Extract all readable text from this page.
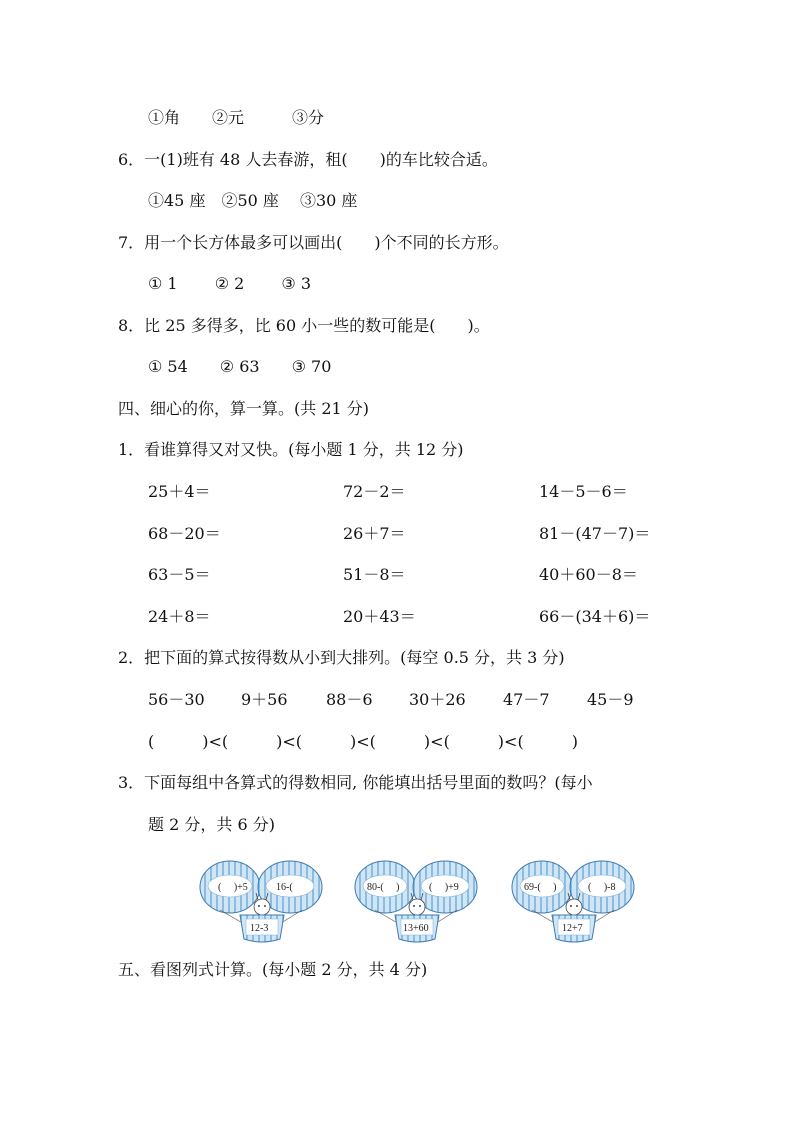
①角　　②元　　　③分
6．一(1)班有 48 人去春游，租(　　)的车比较合适。
①45 座　②50 座　 ③30 座
7．用一个长方体最多可以画出(　　)个不同的长方形。
① 1　　 ② 2　　 ③ 3
8．比 25 多得多，比 60 小一些的数可能是(　　)。
① 54　　② 63　　③ 70
四、细心的你，算一算。(共 21 分)
1．看谁算得又对又快。(每小题 1 分，共 12 分)
25＋4＝	72－2＝	14－5－6＝
68－20＝	26＋7＝	81－(47－7)＝
63－5＝	51－8＝	40＋60－8＝
24＋8＝	20＋43＝	66－(34＋6)＝
2．把下面的算式按得数从小到大排列。(每空 0.5 分，共 3 分)
56－30 9＋56 88－6 30＋26 47－7 45－9
(　　　)<(　　　)<(　　　)<(　　　)<(　　　)<(　　　)
3．下面每组中各算式的得数相同, 你能填出括号里面的数吗？(每小
题 2 分，共 6 分)
(　 )+5	16-(　
12-3
80-(　 )	(　 )+9
13+60
69-(　 )	(　 )-8
12+7
五、看图列式计算。(每小题 2 分，共 4 分)
